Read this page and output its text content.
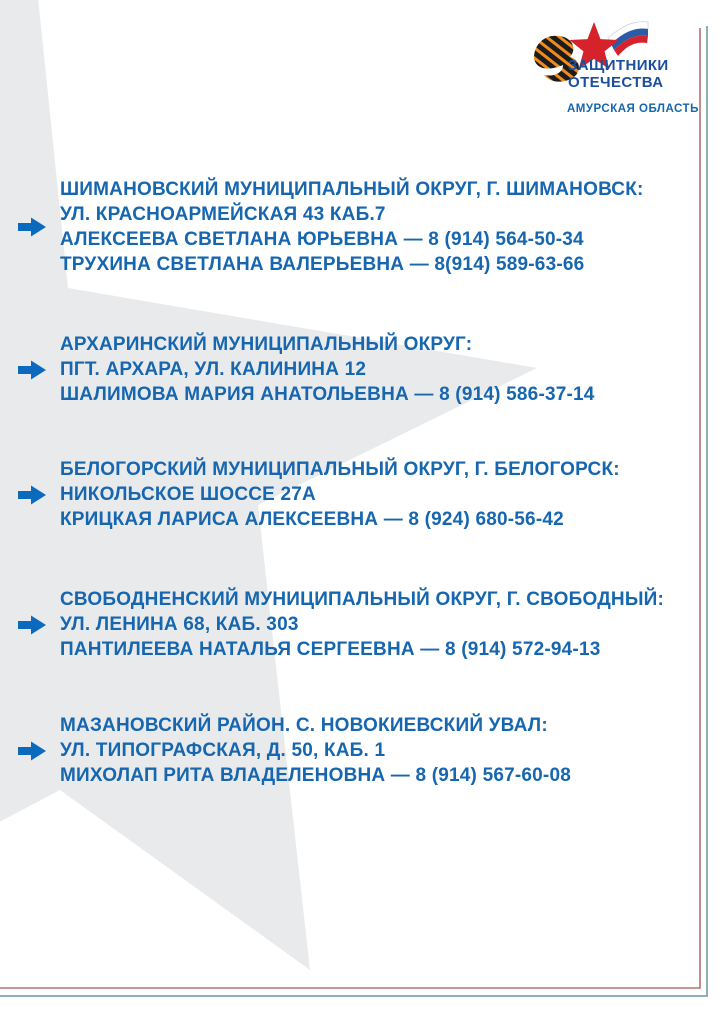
ЗАЩИТНИКИ
ОТЕЧЕСТВА
АМУРСКАЯ ОБЛАСТЬ
ШИМАНОВСКИЙ МУНИЦИПАЛЬНЫЙ ОКРУГ, Г. ШИМАНОВСК:
УЛ. КРАСНОАРМЕЙСКАЯ 43 КАБ.7
АЛЕКСЕЕВА СВЕТЛАНА ЮРЬЕВНА — 8 (914) 564-50-34
ТРУХИНА СВЕТЛАНА ВАЛЕРЬЕВНА — 8(914) 589-63-66
АРХАРИНСКИЙ МУНИЦИПАЛЬНЫЙ ОКРУГ:
ПГТ. АРХАРА, УЛ. КАЛИНИНА 12
ШАЛИМОВА МАРИЯ АНАТОЛЬЕВНА — 8 (914) 586-37-14
БЕЛОГОРСКИЙ МУНИЦИПАЛЬНЫЙ ОКРУГ, Г. БЕЛОГОРСК:
НИКОЛЬСКОЕ ШОССЕ 27А
КРИЦКАЯ ЛАРИСА АЛЕКСЕЕВНА — 8 (924) 680-56-42
СВОБОДНЕНСКИЙ МУНИЦИПАЛЬНЫЙ ОКРУГ, Г. СВОБОДНЫЙ:
УЛ. ЛЕНИНА 68, КАБ. 303
ПАНТИЛЕЕВА НАТАЛЬЯ СЕРГЕЕВНА — 8 (914) 572-94-13
МАЗАНОВСКИЙ РАЙОН. С. НОВОКИЕВСКИЙ УВАЛ:
УЛ. ТИПОГРАФСКАЯ, Д. 50, КАБ. 1
МИХОЛАП РИТА ВЛАДЕЛЕНОВНА — 8 (914) 567-60-08
